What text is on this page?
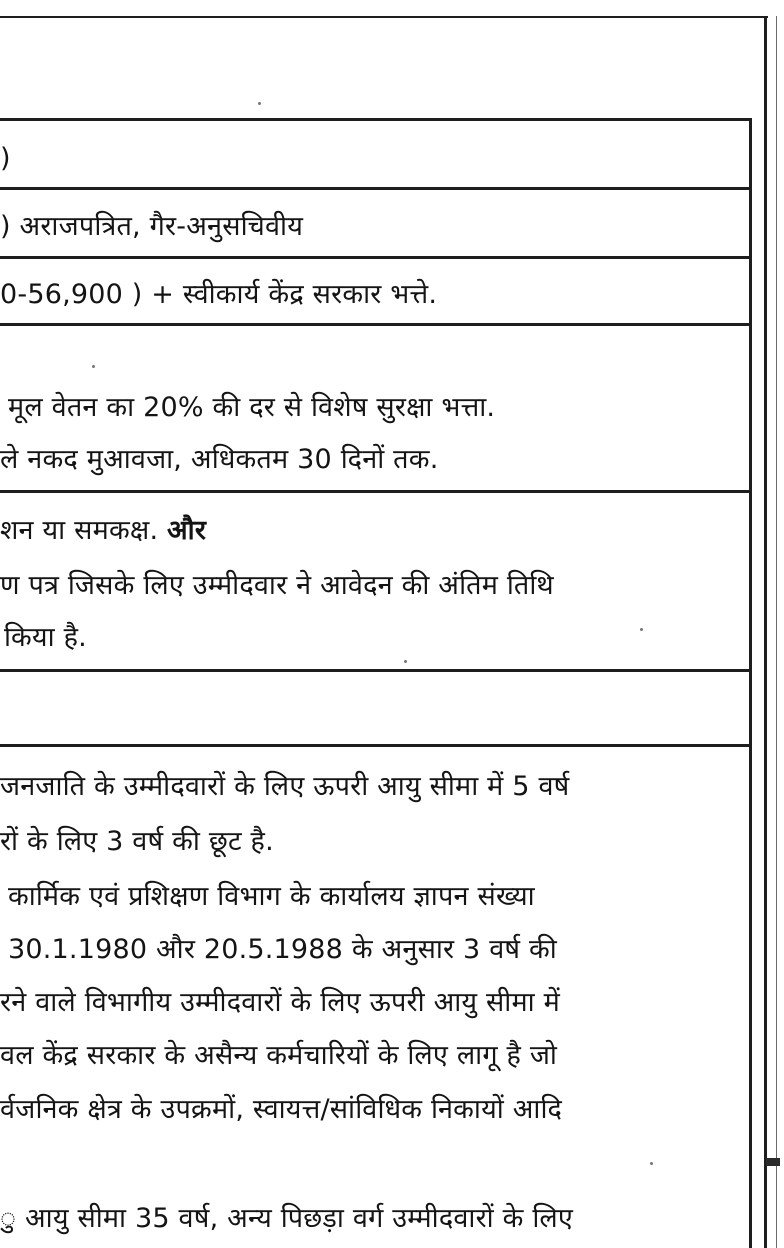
)
) अराजपत्रित, गैर-अनुसचिवीय
0-56,900 ) + स्वीकार्य केंद्र सरकार भत्ते.
मूल वेतन का 20% की दर से विशेष सुरक्षा भत्ता.
ले नकद मुआवजा, अधिकतम 30 दिनों तक.
शन या समकक्ष. और
ण पत्र जिसके लिए उम्मीदवार ने आवेदन की अंतिम तिथि
किया है.
जनजाति के उम्मीदवारों के लिए ऊपरी आयु सीमा में 5 वर्ष
रों के लिए 3 वर्ष की छूट है.
कार्मिक एवं प्रशिक्षण विभाग के कार्यालय ज्ञापन संख्या
30.1.1980 और 20.5.1988 के अनुसार 3 वर्ष की
रने वाले विभागीय उम्मीदवारों के लिए ऊपरी आयु सीमा में
वल केंद्र सरकार के असैन्य कर्मचारियों के लिए लागू है जो
र्वजनिक क्षेत्र के उपक्रमों, स्वायत्त/सांविधिक निकायों आदि
ु आयु सीमा 35 वर्ष, अन्य पिछड़ा वर्ग उम्मीदवारों के लिए
